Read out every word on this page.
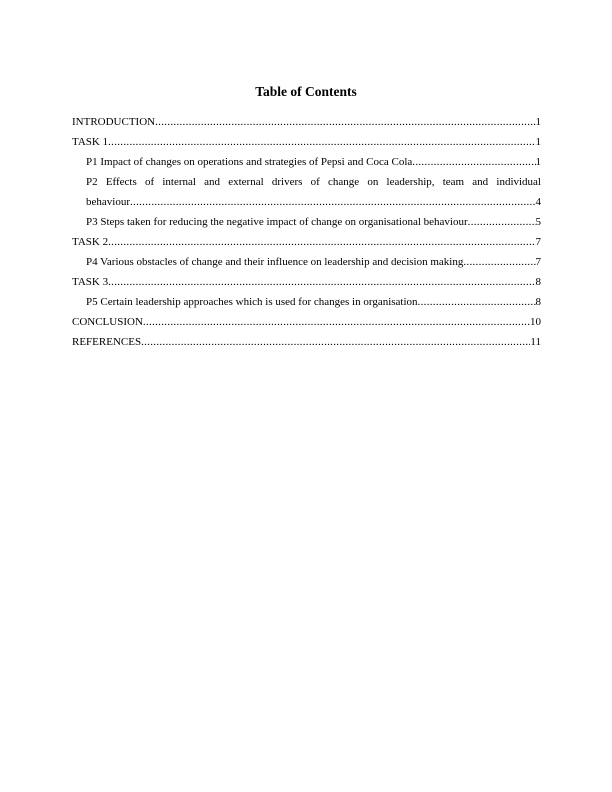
Table of Contents
INTRODUCTION .....	1
TASK 1 .....	1
P1 Impact of changes on operations and strategies of Pepsi and Coca Cola .....	1
P2 Effects of internal and external drivers of change on leadership, team and individual
behaviour .....	4
P3 Steps taken for reducing the negative impact of change on organisational behaviour .....	5
TASK 2 .....	7
P4 Various obstacles of change and their influence on leadership and decision making .....	7
TASK 3 .....	8
P5 Certain leadership approaches which is used for changes in organisation .....	8
CONCLUSION .....	10
REFERENCES .....	11
